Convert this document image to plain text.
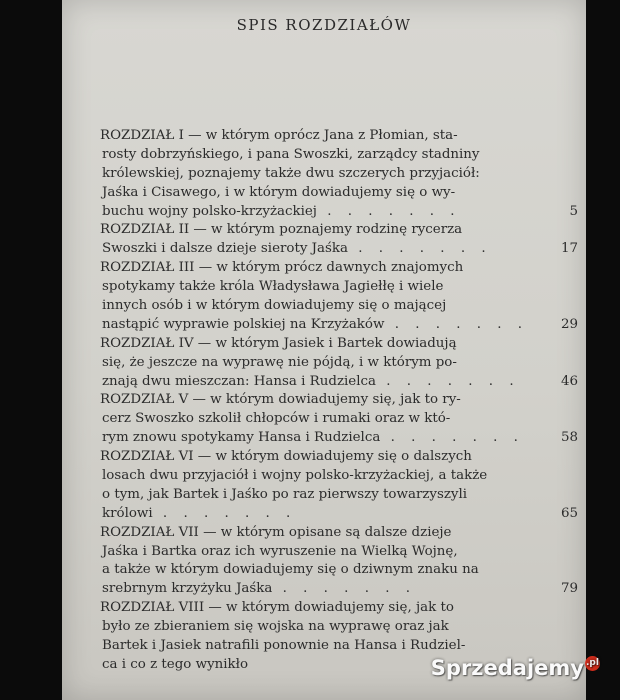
SPIS ROZDZIAŁÓW
ROZDZIAŁ I — w którym oprócz Jana z Płomian, sta-
rosty dobrzyńskiego, i pana Swoszki, zarządcy stadniny
królewskiej, poznajemy także dwu szczerych przyjaciół:
Jaśka i Cisawego, i w którym dowiadujemy się o wy-
buchu wojny polsko-krzyżackiej . . . . . . .	5
ROZDZIAŁ II — w którym poznajemy rodzinę rycerza
Swoszki i dalsze dzieje sieroty Jaśka . . . . . . .	17
ROZDZIAŁ III — w którym prócz dawnych znajomych
spotykamy także króla Władysława Jagiełłę i wiele
innych osób i w którym dowiadujemy się o mającej
nastąpić wyprawie polskiej na Krzyżaków . . . . . . .	29
ROZDZIAŁ IV — w którym Jasiek i Bartek dowiadują
się, że jeszcze na wyprawę nie pójdą, i w którym po-
znają dwu mieszczan: Hansa i Rudzielca . . . . . . .	46
ROZDZIAŁ V — w którym dowiadujemy się, jak to ry-
cerz Swoszko szkolił chłopców i rumaki oraz w któ-
rym znowu spotykamy Hansa i Rudzielca . . . . . . .	58
ROZDZIAŁ VI — w którym dowiadujemy się o dalszych
losach dwu przyjaciół i wojny polsko-krzyżackiej, a także
o tym, jak Bartek i Jaśko po raz pierwszy towarzyszyli
królowi . . . . . . .	65
ROZDZIAŁ VII — w którym opisane są dalsze dzieje
Jaśka i Bartka oraz ich wyruszenie na Wielką Wojnę,
a także w którym dowiadujemy się o dziwnym znaku na
srebrnym krzyżyku Jaśka . . . . . . .	79
ROZDZIAŁ VIII — w którym dowiadujemy się, jak to
było ze zbieraniem się wojska na wyprawę oraz jak
Bartek i Jasiek natrafili ponownie na Hansa i Rudziel-
ca i co z tego wynikło	Sprzedajemy .pl
